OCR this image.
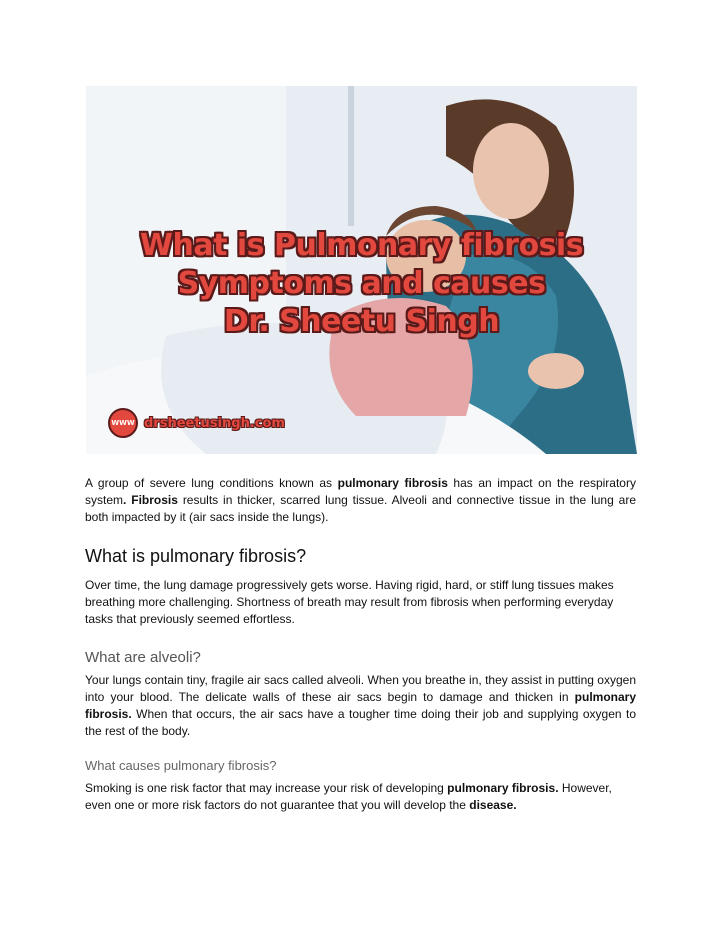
What is Pulmonary fibrosis
Symptoms and causes
Dr. Sheetu Singh
WWW drsheetusingh.com

A group of severe lung conditions known as pulmonary fibrosis has an impact on the respiratory system. Fibrosis results in thicker, scarred lung tissue. Alveoli and connective tissue in the lung are both impacted by it (air sacs inside the lungs).

What is pulmonary fibrosis?

Over time, the lung damage progressively gets worse. Having rigid, hard, or stiff lung tissues makes breathing more challenging. Shortness of breath may result from fibrosis when performing everyday tasks that previously seemed effortless.

What are alveoli?

Your lungs contain tiny, fragile air sacs called alveoli. When you breathe in, they assist in putting oxygen into your blood. The delicate walls of these air sacs begin to damage and thicken in pulmonary fibrosis. When that occurs, the air sacs have a tougher time doing their job and supplying oxygen to the rest of the body.

What causes pulmonary fibrosis?

Smoking is one risk factor that may increase your risk of developing pulmonary fibrosis. However, even one or more risk factors do not guarantee that you will develop the disease.
